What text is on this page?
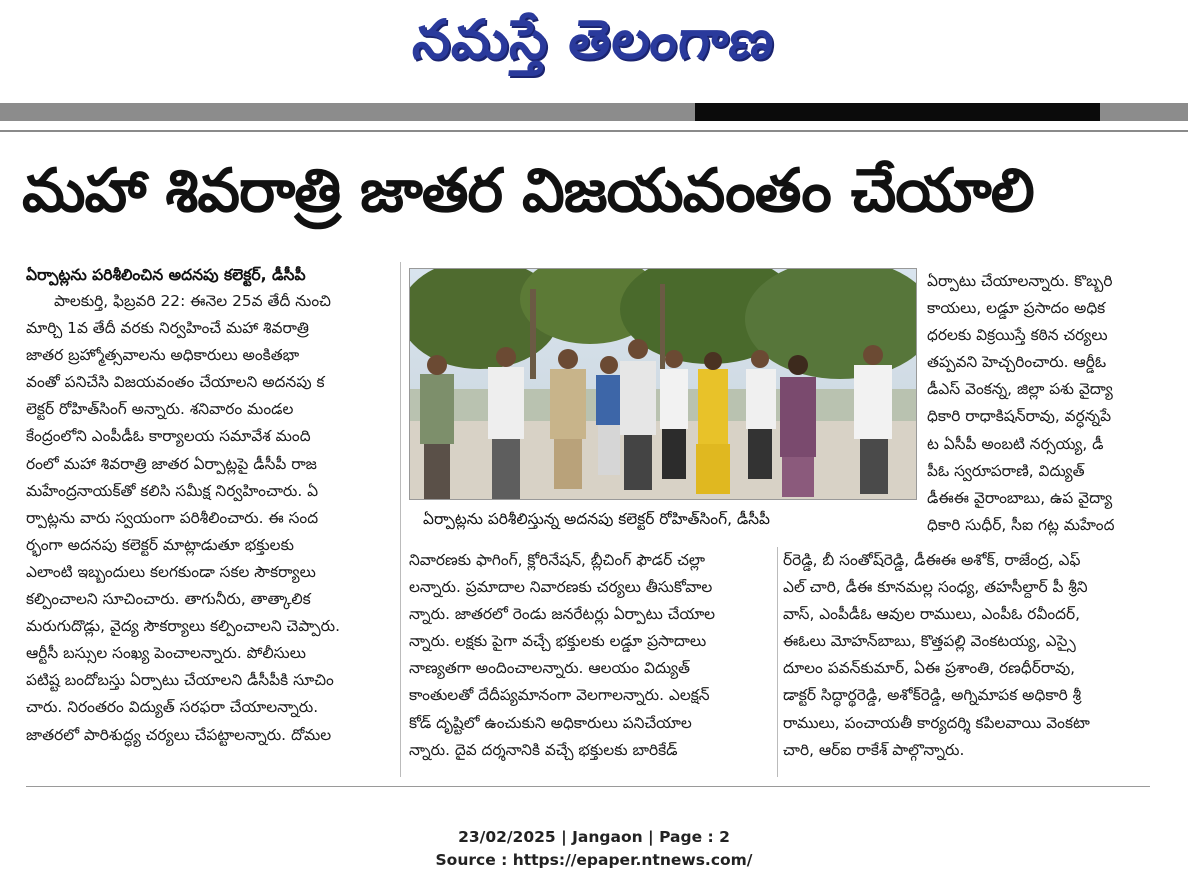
నమస్తే తెలంగాణ
మహా శివరాత్రి జాతర విజయవంతం చేయాలి
ఏర్పాట్లను పరిశీలించిన అదనపు కలెక్టర్, డీసీపీ

పాలకుర్తి, ఫిబ్రవరి 22: ఈనెల 25వ తేదీ నుంచి

మార్చి 1వ తేదీ వరకు నిర్వహించే మహా శివరాత్రి

జాతర బ్రహ్మోత్సవాలను అధికారులు అంకితభా

వంతో పనిచేసి విజయవంతం చేయాలని అదనపు క

లెక్టర్ రోహిత్‌సింగ్ అన్నారు. శనివారం మండల

కేంద్రంలోని ఎంపీడీఓ కార్యాలయ సమావేశ మంది

రంలో మహా శివరాత్రి జాతర ఏర్పాట్లపై డీసీపీ రాజ

మహేంద్రనాయక్‌తో కలిసి సమీక్ష నిర్వహించారు. ఏ

ర్పాట్లను వారు స్వయంగా పరిశీలించారు. ఈ సంద

ర్భంగా అదనపు కలెక్టర్ మాట్లాడుతూ భక్తులకు

ఎలాంటి ఇబ్బందులు కలగకుండా సకల సౌకర్యాలు

కల్పించాలని సూచించారు. తాగునీరు, తాత్కాలిక

మరుగుదొడ్లు, వైద్య సౌకర్యాలు కల్పించాలని చెప్పారు.

ఆర్టీసీ బస్సుల సంఖ్య పెంచాలన్నారు. పోలీసులు

పటిష్ట బందోబస్తు ఏర్పాటు చేయాలని డీసీపీకి సూచిం

చారు. నిరంతరం విద్యుత్ సరఫరా చేయాలన్నారు.

జాతరలో పారిశుద్ధ్య చర్యలు చేపట్టాలన్నారు. దోమల

ఏర్పాట్లను పరిశీలిస్తున్న అదనపు కలెక్టర్ రోహిత్‌సింగ్, డీసీపీ

నివారణకు ఫాగింగ్, క్లోరినేషన్, బ్లీచింగ్ ఫౌడర్ చల్లా

లన్నారు. ప్రమాదాల నివారణకు చర్యలు తీసుకోవాల

న్నారు. జాతరలో రెండు జనరేటర్లు ఏర్పాటు చేయాల

న్నారు. లక్షకు పైగా వచ్చే భక్తులకు లడ్డూ ప్రసాదాలు

నాణ్యతగా అందించాలన్నారు. ఆలయం విద్యుత్

కాంతులతో దేదీప్యమానంగా వెలగాలన్నారు. ఎలక్షన్

కోడ్ దృష్టిలో ఉంచుకుని అధికారులు పనిచేయాల

న్నారు. దైవ దర్శనానికి వచ్చే భక్తులకు బారికేడ్

ఏర్పాటు చేయాలన్నారు. కొబ్బరి

కాయలు, లడ్డూ ప్రసాదం అధిక

ధరలకు విక్రయిస్తే కఠిన చర్యలు

తప్పవని హెచ్చరించారు. ఆర్డీఓ

డీఎస్ వెంకన్న, జిల్లా పశు వైద్యా

ధికారి రాధాకిషన్‌రావు, వర్ధన్నపే

ట ఏసీపీ అంబటి నర్సయ్య, డీ

పీఓ స్వరూపరాణి, విద్యుత్

డీఈఈ వైరాంబాబు, ఉప వైద్యా

ధికారి సుధీర్, సీఐ గట్ల మహేంద

ర్‌రెడ్డి, బీ సంతోష్‌రెడ్డి, డీఈఈ అశోక్, రాజేంద్ర, ఎఫ్

ఎల్ చారి, డీఈ కూనమల్ల సంధ్య, తహసీల్దార్ పీ శ్రీని

వాస్, ఎంపీడీఓ ఆవుల రాములు, ఎంపీఓ రవీందర్,

ఈఓలు మోహన్‌బాబు, కొత్తపల్లి వెంకటయ్య, ఎస్సై

దూలం పవన్‌కుమార్, ఏఈ ప్రశాంతి, రణధీర్‌రావు,

డాక్టర్ సిద్ధార్థరెడ్డి, అశోక్‌రెడ్డి, అగ్నిమాపక అధికారి శ్రీ

రాములు, పంచాయతీ కార్యదర్శి కపిలవాయి వెంకటా

చారి, ఆర్ఐ రాకేశ్ పాల్గొన్నారు.

23/02/2025 | Jangaon | Page : 2
Source : https://epaper.ntnews.com/
